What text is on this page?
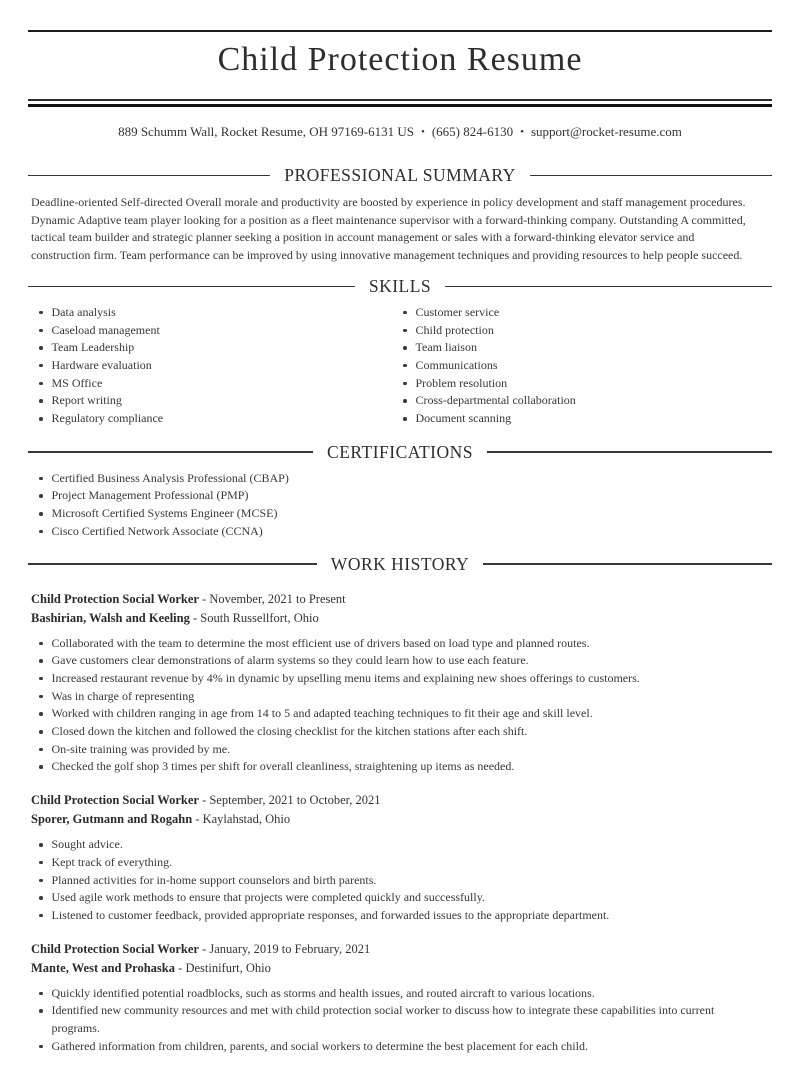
Child Protection Resume
889 Schumm Wall, Rocket Resume, OH 97169-6131 US • (665) 824-6130 • support@rocket-resume.com
PROFESSIONAL SUMMARY
Deadline-oriented Self-directed Overall morale and productivity are boosted by experience in policy development and staff management procedures.
Dynamic Adaptive team player looking for a position as a fleet maintenance supervisor with a forward-thinking company. Outstanding A committed,
tactical team builder and strategic planner seeking a position in account management or sales with a forward-thinking elevator service and
construction firm. Team performance can be improved by using innovative management techniques and providing resources to help people succeed.
SKILLS
Data analysis
Caseload management
Team Leadership
Hardware evaluation
MS Office
Report writing
Regulatory compliance
Customer service
Child protection
Team liaison
Communications
Problem resolution
Cross-departmental collaboration
Document scanning
CERTIFICATIONS
Certified Business Analysis Professional (CBAP)
Project Management Professional (PMP)
Microsoft Certified Systems Engineer (MCSE)
Cisco Certified Network Associate (CCNA)
WORK HISTORY
Child Protection Social Worker - November, 2021 to Present
Bashirian, Walsh and Keeling - South Russellfort, Ohio
Collaborated with the team to determine the most efficient use of drivers based on load type and planned routes.
Gave customers clear demonstrations of alarm systems so they could learn how to use each feature.
Increased restaurant revenue by 4% in dynamic by upselling menu items and explaining new shoes offerings to customers.
Was in charge of representing
Worked with children ranging in age from 14 to 5 and adapted teaching techniques to fit their age and skill level.
Closed down the kitchen and followed the closing checklist for the kitchen stations after each shift.
On-site training was provided by me.
Checked the golf shop 3 times per shift for overall cleanliness, straightening up items as needed.
Child Protection Social Worker - September, 2021 to October, 2021
Sporer, Gutmann and Rogahn - Kaylahstad, Ohio
Sought advice.
Kept track of everything.
Planned activities for in-home support counselors and birth parents.
Used agile work methods to ensure that projects were completed quickly and successfully.
Listened to customer feedback, provided appropriate responses, and forwarded issues to the appropriate department.
Child Protection Social Worker - January, 2019 to February, 2021
Mante, West and Prohaska - Destinifurt, Ohio
Quickly identified potential roadblocks, such as storms and health issues, and routed aircraft to various locations.
Identified new community resources and met with child protection social worker to discuss how to integrate these capabilities into current programs.
Gathered information from children, parents, and social workers to determine the best placement for each child.
